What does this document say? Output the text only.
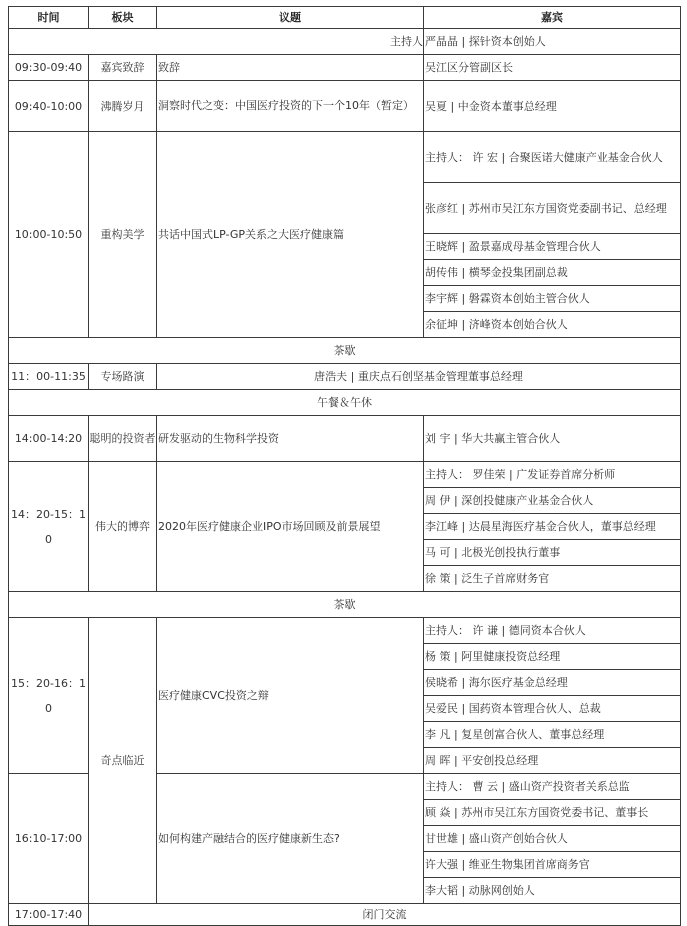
时间	板块	议题	嘉宾
主持人			严晶晶 | 探针资本创始人
09:30-09:40	嘉宾致辞	致辞	吴江区分管副区长
09:40-10:00	沸腾岁月	洞察时代之变：中国医疗投资的下一个10年（暂定）	吴夏 | 中金资本董事总经理
10:00-10:50	重构美学	共话中国式LP-GP关系之大医疗健康篇	主持人： 许 宏 | 合聚医诺大健康产业基金合伙人
			张彦红 | 苏州市吴江东方国资党委副书记、总经理
			王晓辉 | 盈景嘉成母基金管理合伙人
			胡传伟 | 横琴金投集团副总裁
			李宇辉 | 磐霖资本创始主管合伙人
			余征坤 | 济峰资本创始合伙人
茶歇			
11：00-11:35	专场路演	唐浩夫 | 重庆点石创坚基金管理董事总经理	
午餐＆午休			
14:00-14:20	聪明的投资者	研发驱动的生物科学投资	刘 宇 | 华大共赢主管合伙人
14：20-15：10	伟大的博弈	2020年医疗健康企业IPO市场回顾及前景展望	主持人： 罗佳荣 | 广发证券首席分析师
			周 伊 | 深创投健康产业基金合伙人
			李江峰 | 达晨星海医疗基金合伙人，董事总经理
			马 可 | 北极光创投执行董事
			徐 策 | 泛生子首席财务官
茶歇			
15：20-16：10	奇点临近	医疗健康CVC投资之辩	主持人： 许 谦 | 德同资本合伙人
			杨 策 | 阿里健康投资总经理
			侯晓希 | 海尔医疗基金总经理
			吴爱民 | 国药资本管理合伙人、总裁
			李 凡 | 复星创富合伙人、董事总经理
			周 晖 | 平安创投总经理
16:10-17:00		如何构建产融结合的医疗健康新生态?	主持人： 曹 云 | 盛山资产投资者关系总监
			顾 焱 | 苏州市吴江东方国资党委书记、董事长
			甘世雄 | 盛山资产创始合伙人
			许大强 | 维亚生物集团首席商务官
			李大韬 | 动脉网创始人
17:00-17:40	闭门交流		
